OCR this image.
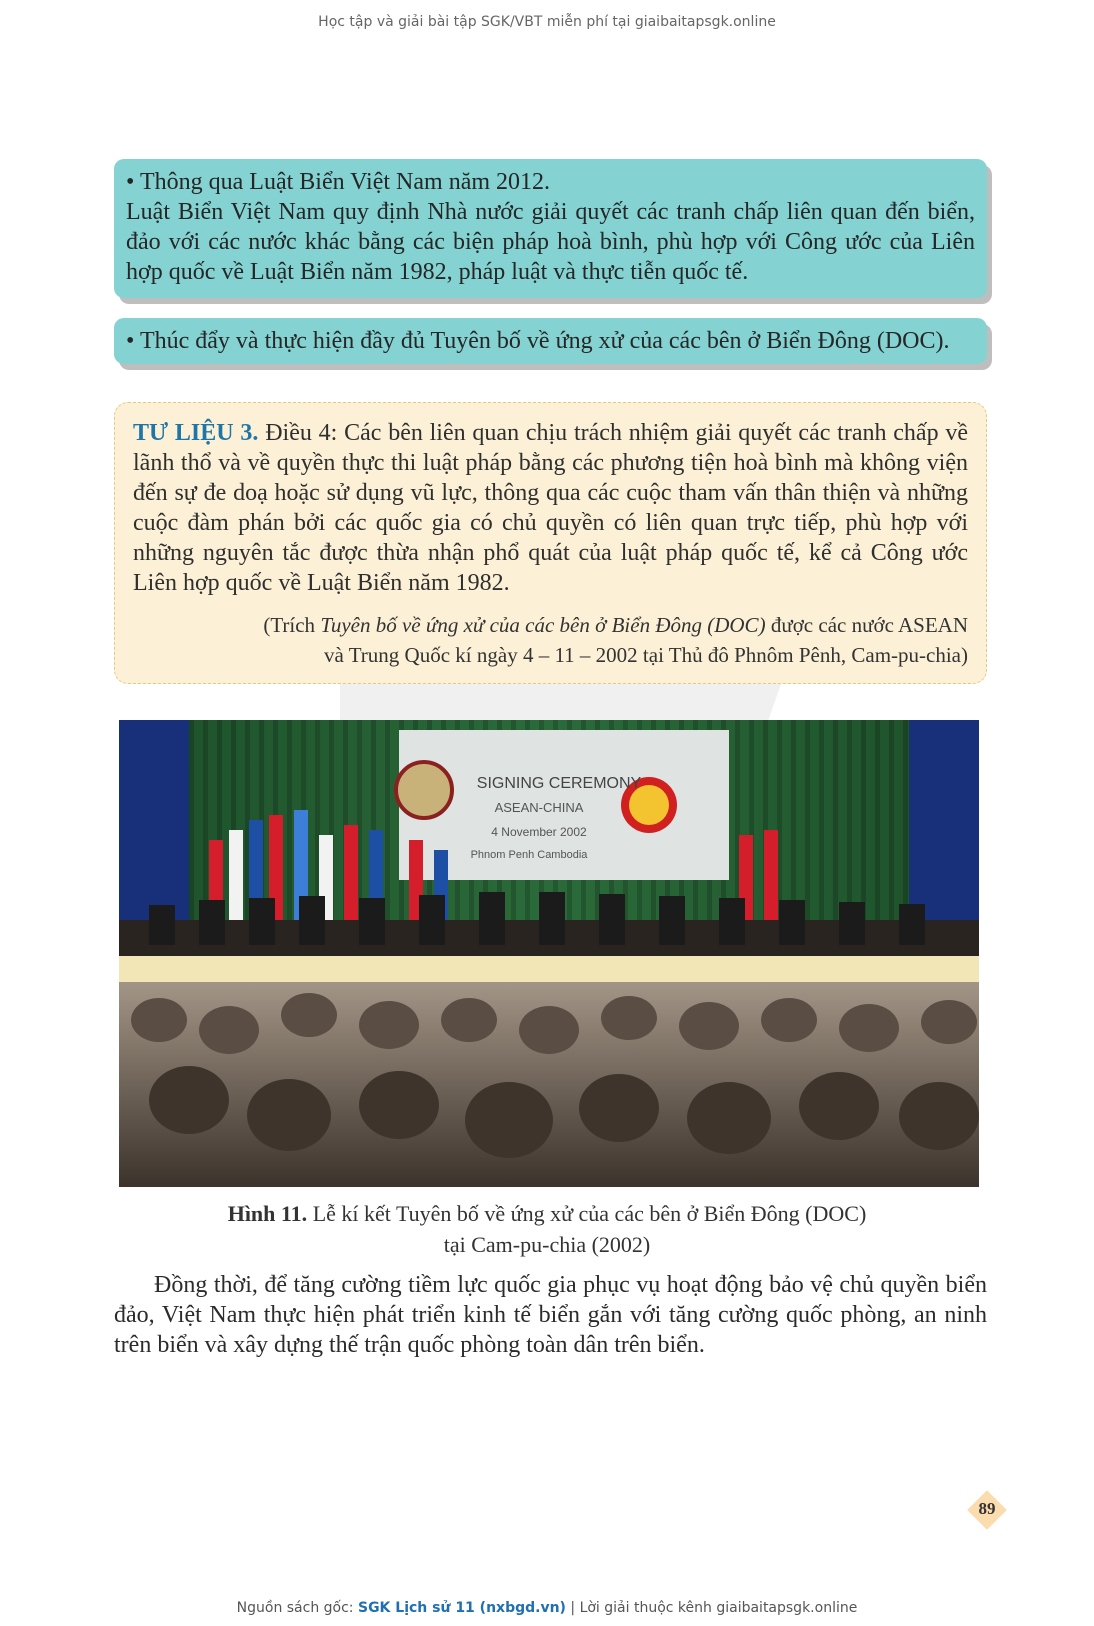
Học tập và giải bài tập SGK/VBT miễn phí tại giaibaitapsgk.online

• Thông qua Luật Biển Việt Nam năm 2012.

Luật Biển Việt Nam quy định Nhà nước giải quyết các tranh chấp liên quan đến biển, đảo với các nước khác bằng các biện pháp hoà bình, phù hợp với Công ước của Liên hợp quốc về Luật Biển năm 1982, pháp luật và thực tiễn quốc tế.

• Thúc đẩy và thực hiện đầy đủ Tuyên bố về ứng xử của các bên ở Biển Đông (DOC).

TƯ LIỆU 3. Điều 4: Các bên liên quan chịu trách nhiệm giải quyết các tranh chấp về lãnh thổ và về quyền thực thi luật pháp bằng các phương tiện hoà bình mà không viện đến sự đe doạ hoặc sử dụng vũ lực, thông qua các cuộc tham vấn thân thiện và những cuộc đàm phán bởi các quốc gia có chủ quyền có liên quan trực tiếp, phù hợp với những nguyên tắc được thừa nhận phổ quát của luật pháp quốc tế, kể cả Công ước Liên hợp quốc về Luật Biển năm 1982.

(Trích Tuyên bố về ứng xử của các bên ở Biển Đông (DOC) được các nước ASEAN
và Trung Quốc kí ngày 4 – 11 – 2002 tại Thủ đô Phnôm Pênh, Cam-pu-chia)

SIGNING CEREMONY
ASEAN-CHINA
4 November 2002
Phnom Penh Cambodia
Hình 11. Lễ kí kết Tuyên bố về ứng xử của các bên ở Biển Đông (DOC)
tại Cam-pu-chia (2002)

Đồng thời, để tăng cường tiềm lực quốc gia phục vụ hoạt động bảo vệ chủ quyền biển đảo, Việt Nam thực hiện phát triển kinh tế biển gắn với tăng cường quốc phòng, an ninh trên biển và xây dựng thế trận quốc phòng toàn dân trên biển.

89
Nguồn sách gốc: SGK Lịch sử 11 (nxbgd.vn) | Lời giải thuộc kênh giaibaitapsgk.online
